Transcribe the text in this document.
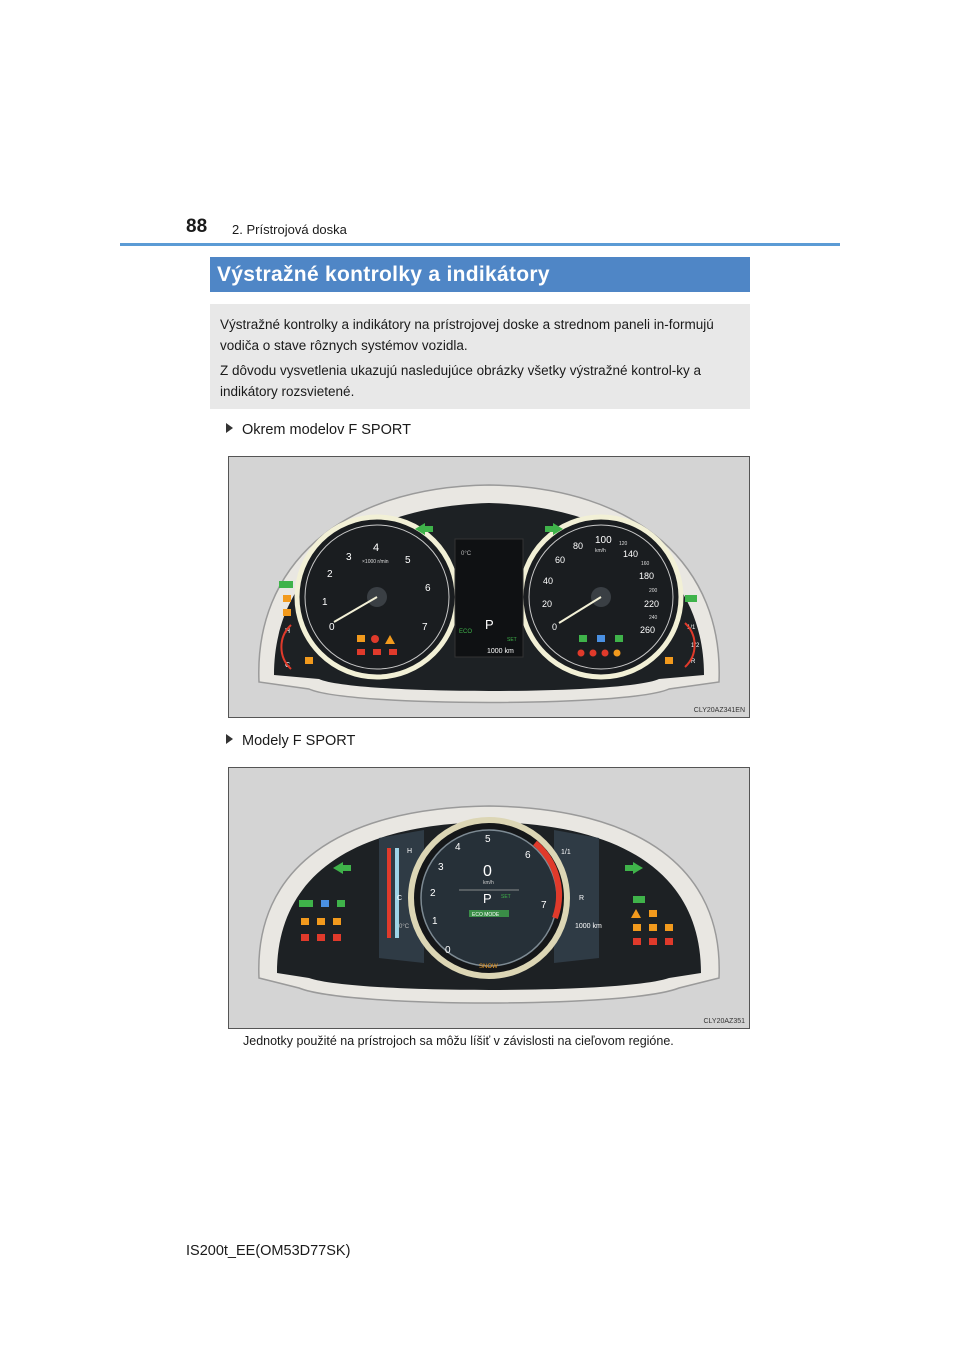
88 2. Prístrojová doska
Výstražné kontrolky a indikátory

Výstražné kontrolky a indikátory na prístrojovej doske a strednom paneli in-formujú vodiča o stave rôznych systémov vozidla.

Z dôvodu vysvetlenia ukazujú nasledujúce obrázky všetky výstražné kontrol-ky a indikátory rozsvietené.

Okrem modelov F SPORT
0
1
2
3
4
5
6
7
×1000 r/min
0
20
40
60
80 100 120
140
160
180
200
220
240
260
km/h
0°C
ECO P
SET
1000 km
H
C
1/1
1/2
R
CLY20AZ341EN
Modely F SPORT
H
C
1/1
R
1000 km
0°C
0
1
2
3
4
5
6
7
0
km/h
P SET
ECO MODE
SNOW
CLY20AZ351
Jednotky použité na prístrojoch sa môžu líšiť v závislosti na cieľovom regióne.
IS200t_EE(OM53D77SK)
